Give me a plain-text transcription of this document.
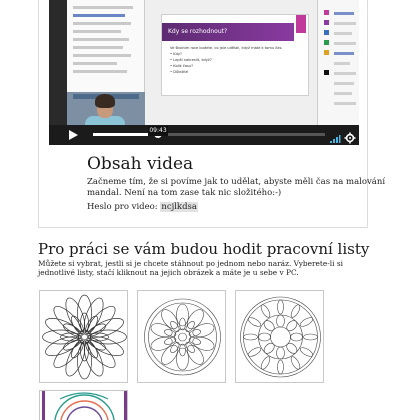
Kdy se rozhodnout?
Ve školním roce budete, co jste udělali, když máte k tomu čas.
• Kdy?
• Lepší nakreslit, když?
• Kolik času?
• Důležité
09:43
Obsah videa
Začneme tím, že si povíme jak to udělat, abyste měli čas na malování mandal. Není na tom zase tak nic složitého:-)
Heslo pro video: ncjlkdsa
Pro práci se vám budou hodit pracovní listy
Můžete si vybrat, jestli si je chcete stáhnout po jednom nebo naráz. Vyberete-li si jednotlivé listy, stačí kliknout na jejich obrázek a máte je u sebe v PC.
